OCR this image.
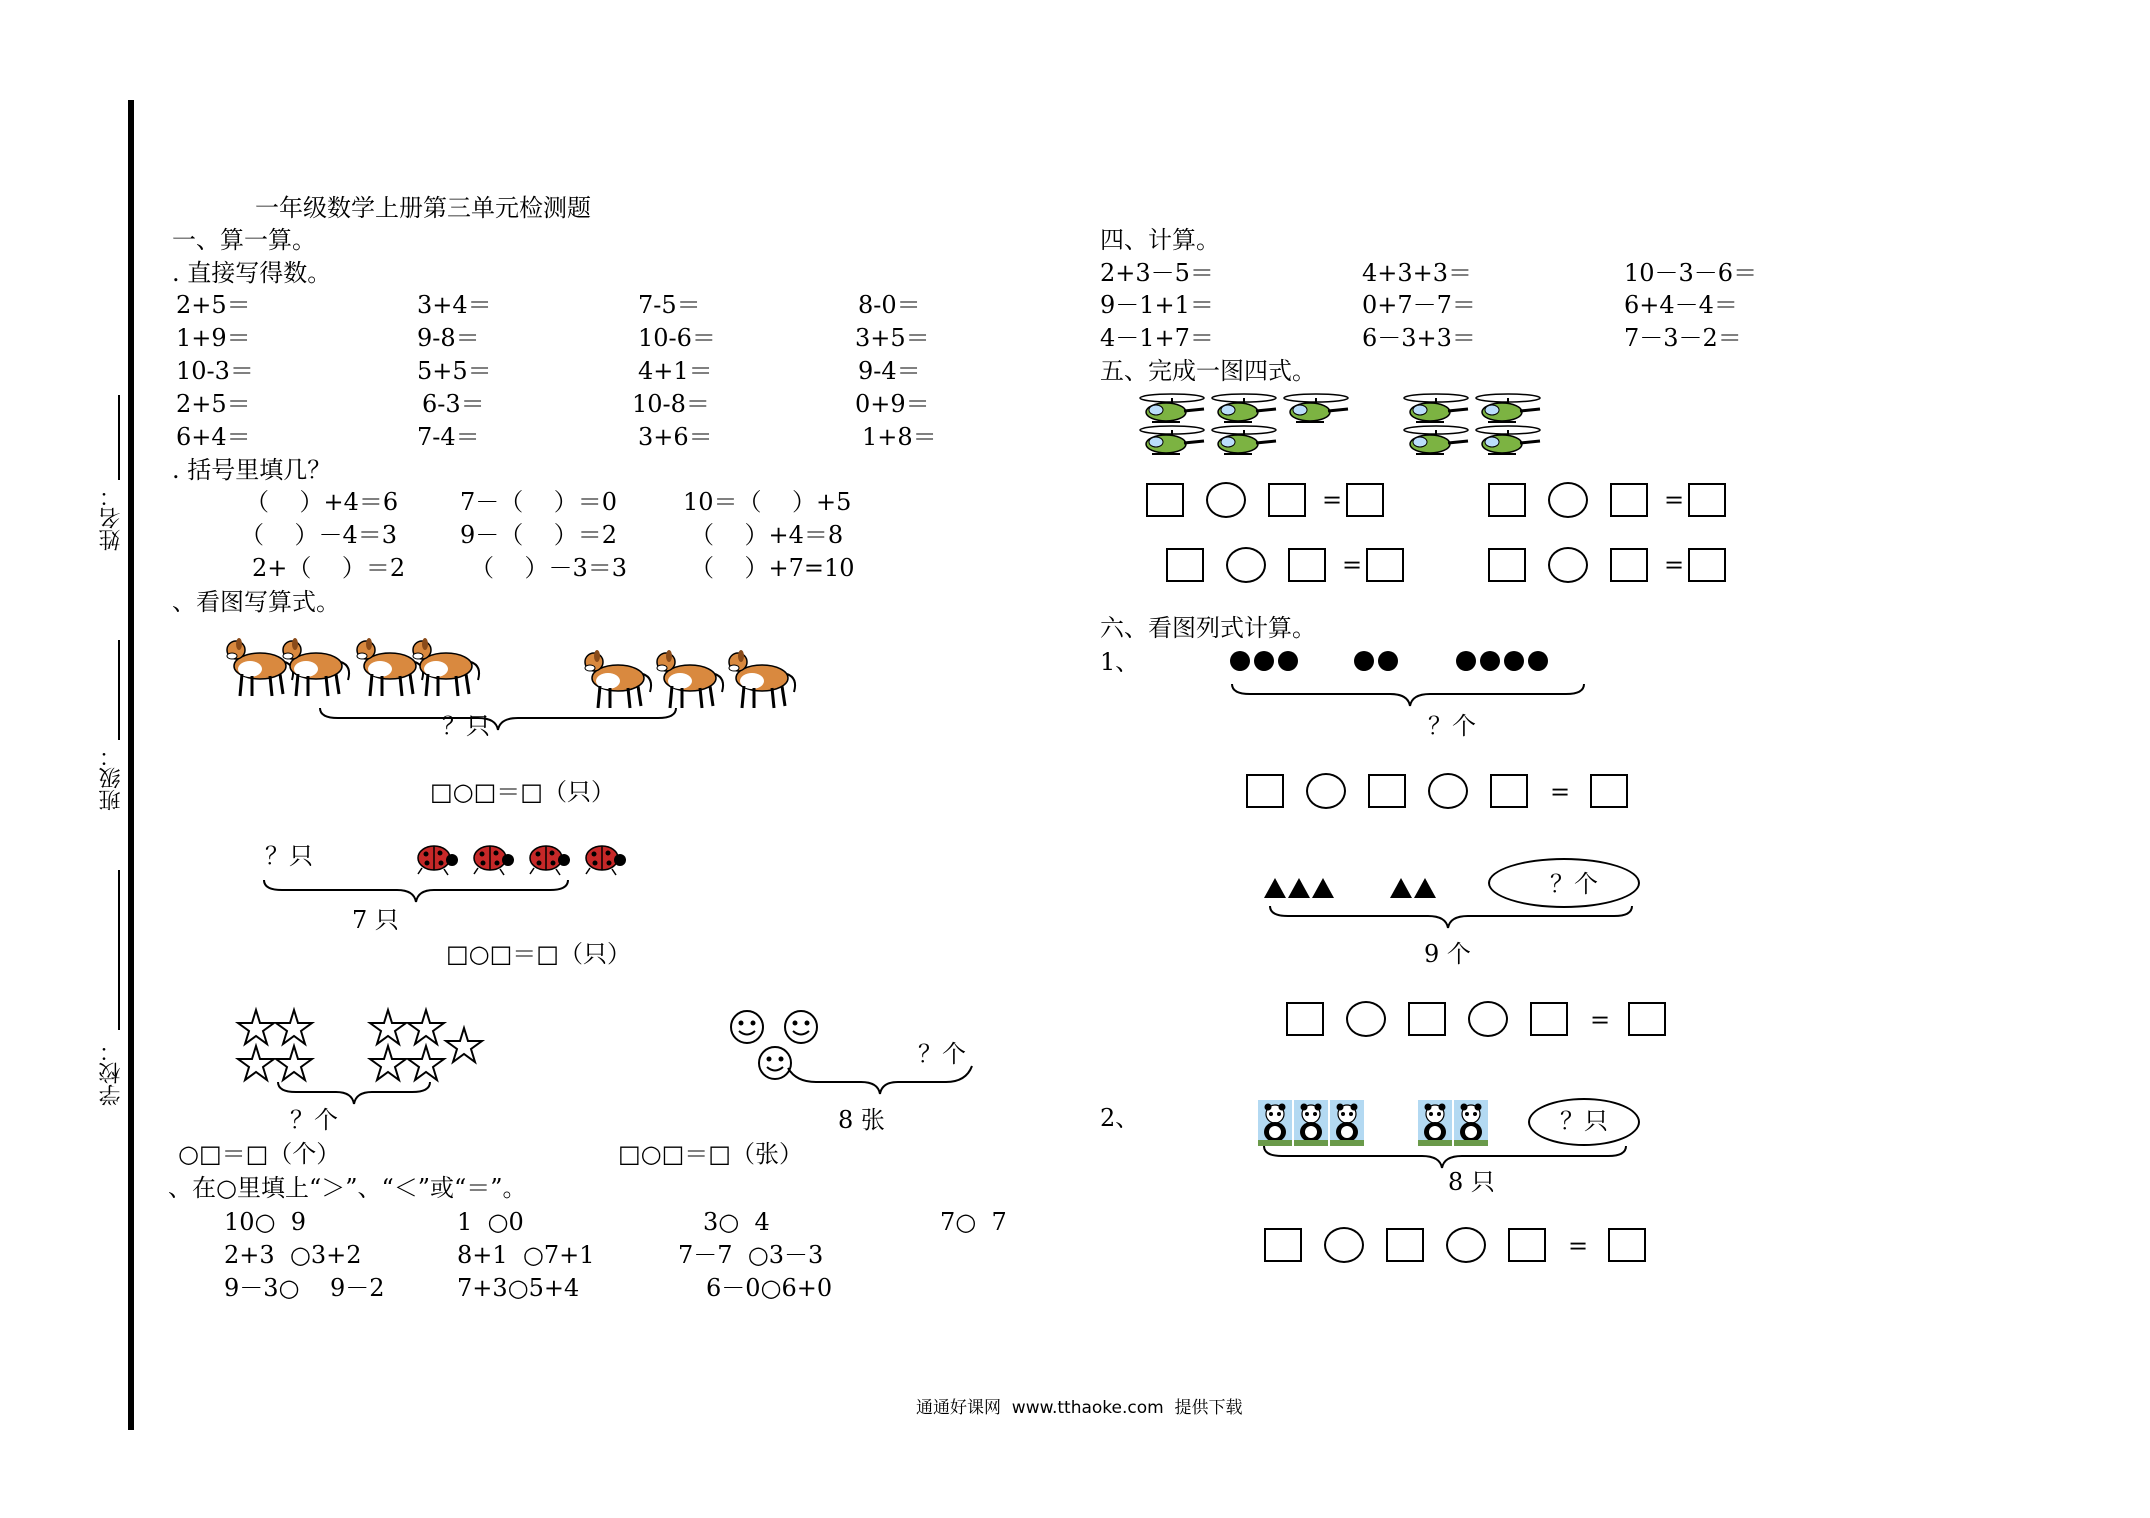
学校：
班级：
姓名：
一年级数学上册第三单元检测题
一、算一算。
. 直接写得数。
2+5＝	3+4＝	7-5＝	8-0＝
1+9＝	9-8＝	10-6＝	3+5＝
10-3＝	5+5＝	4+1＝	9-4＝
2+5＝	6-3＝	10-8＝	0+9＝
6+4＝	7-4＝	3+6＝	1+8＝
. 括号里填几？
（    ）+4＝6	7－（    ）＝0	10＝（    ）+5
（    ）－4＝3	9－（    ）＝2	（    ）+4＝8
2+（    ）＝2	（    ）－3＝3	（    ）+7=10
、看图写算式。
？只
□○□＝□（只）
？只
7 只
□○□＝□（只）
？个
○□＝□（个）
？个
8 张
□○□＝□（张）
、在○里填上“＞”、“＜”或“＝”。
10○  9	1  ○0	3○  4	7○  7
2+3  ○3+2	8+1  ○7+1	7－7  ○3－3
9－3○    9－2	7+3○5+4	6－0○6+0
四、计算。
2+3－5＝	4+3+3＝	10－3－6＝
9－1+1＝	0+7－7＝	6+4－4＝
4－1+7＝	6－3+3＝	7－3－2＝
五、完成一图四式。
=	=
=	=
六、看图列式计算。
1、
？个
=
？个
9 个
=
2、	？只
8 只
=
通通好课网  www.tthaoke.com  提供下载
